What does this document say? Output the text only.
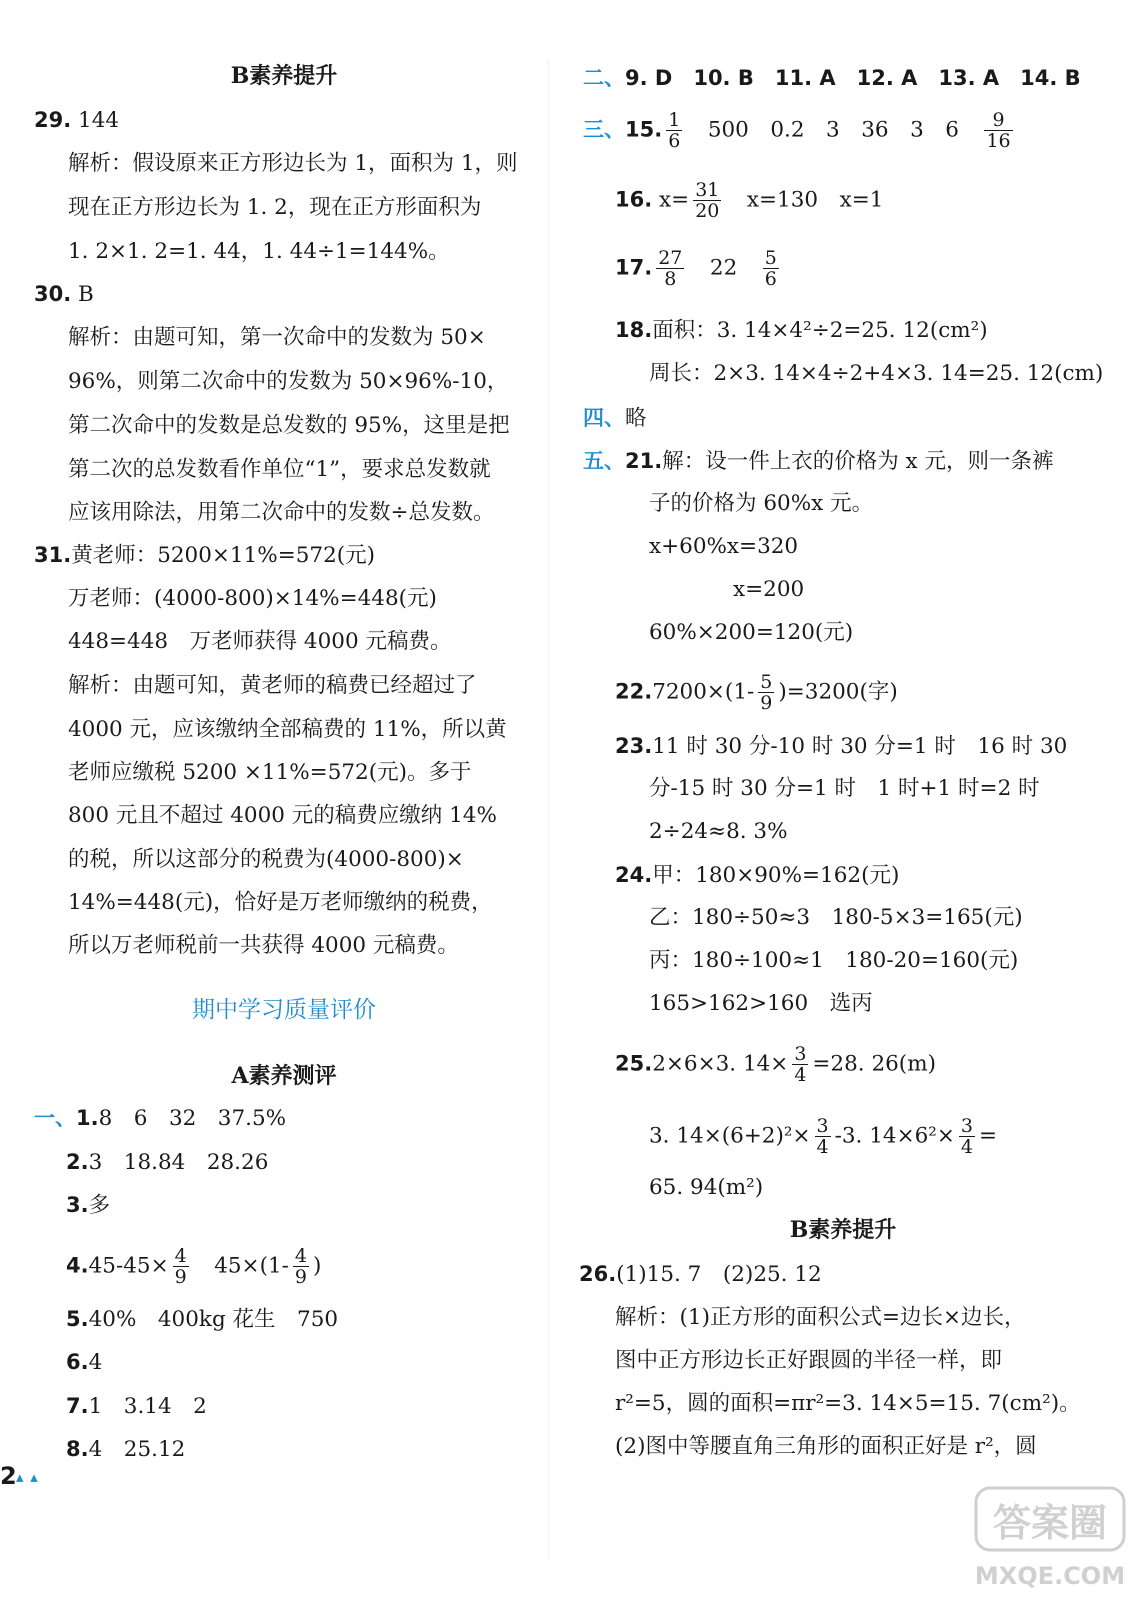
B素养提升
29. 144
解析：假设原来正方形边长为 1，面积为 1，则
现在正方形边长为 1. 2，现在正方形面积为
1. 2×1. 2=1. 44，1. 44÷1=144%。
30. B
解析：由题可知，第一次命中的发数为 50×
96%，则第二次命中的发数为 50×96%-10，
第二次命中的发数是总发数的 95%，这里是把
第二次的总发数看作单位“1”，要求总发数就
应该用除法，用第二次命中的发数÷总发数。
31.黄老师：5200×11%=572(元)
万老师：(4000-800)×14%=448(元)
448=448　万老师获得 4000 元稿费。
解析：由题可知，黄老师的稿费已经超过了
4000 元，应该缴纳全部稿费的 11%，所以黄
老师应缴税 5200 ×11%=572(元)。多于
800 元且不超过 4000 元的稿费应缴纳 14%
的税，所以这部分的税费为(4000-800)×
14%=448(元)，恰好是万老师缴纳的税费，
所以万老师税前一共获得 4000 元稿费。
期中学习质量评价
A素养测评
一、1.8　6　32　37.5%
2.3　18.84　28.26
3.多
$4.45-45\times \frac{4}{9}$
　 $45\times(1- \frac{4}{9}$ )
5.40%　400kg 花生　750
6.4
7.1　3.14　2
8.4　25.12
二、9. D　10. B　11. A　12. A　13. A　14. B
三、15. $\frac{1}{6}$
　 500　0.2　3　36　3　6　 $\frac{9}{16}$
16. $x= \frac{31}{20}$
　 x=130　x=1
17. $\frac{27}{8}$
　 22　 $\frac{5}{6}$
18.面积：3. 14×4²÷2=25. 12(cm²)
周长：2×3. 14×4÷2+4×3. 14=25. 12(cm)
四、略
五、21.解：设一件上衣的价格为 x 元，则一条裤
子的价格为 60%x 元。
x+60%x=320
x=200
60%×200=120(元)
$22.7200\times(1- \frac{5}{9} )=3200$(字)
23.11 时 30 分-10 时 30 分=1 时　16 时 30
分-15 时 30 分=1 时　1 时+1 时=2 时
2÷24≈8. 3%
24.甲：180×90%=162(元)
乙：180÷50≈3　180-5×3=165(元)
丙：180÷100≈1　180-20=160(元)
165>162>160　选丙
25.2×6×3. $14\times \frac{3}{4} =28$. 26(m)
3. $14\times(6+2)^2\times \frac{3}{4} -3$. $14\times 6^2\times \frac{3}{4}$ =
65. 94(m²)
B素养提升
26.(1)15. 7　(2)25. 12
解析：(1)正方形的面积公式=边长×边长，
图中正方形边长正好跟圆的半径一样，即
r²=5，圆的面积=πr²=3. 14×5=15. 7(cm²)。
(2)图中等腰直角三角形的面积正好是 r²，圆
2 ▴ ▴
答案圈
MXQE.COM
